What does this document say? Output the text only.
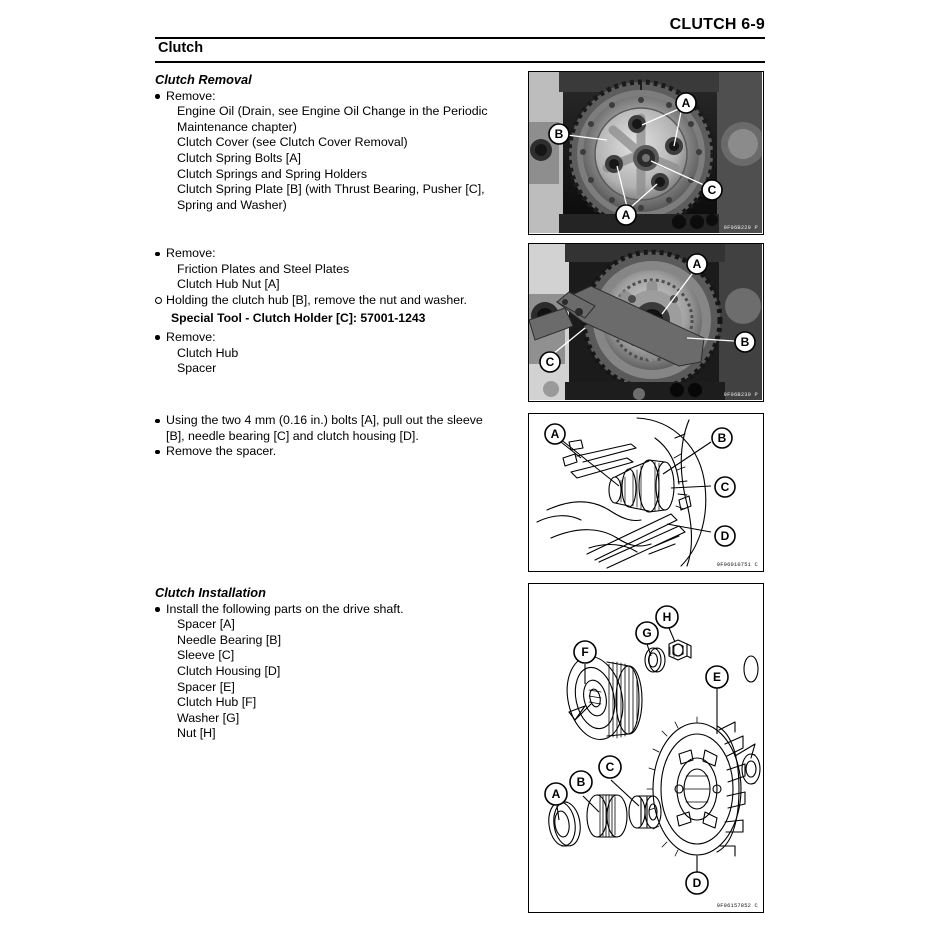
CLUTCH 6-9
Clutch

Clutch Removal

Remove:

Engine Oil (Drain, see Engine Oil Change in the Periodic

Maintenance chapter)

Clutch Cover (see Clutch Cover Removal)

Clutch Spring Bolts [A]

Clutch Springs and Spring Holders

Clutch Spring Plate [B] (with Thrust Bearing, Pusher [C],

Spring and Washer)

Remove:

Friction Plates and Steel Plates

Clutch Hub Nut [A]

Holding the clutch hub [B], remove the nut and washer.

Special Tool - Clutch Holder [C]: 57001-1243

Remove:

Clutch Hub

Spacer

Using the two 4 mm (0.16 in.) bolts [A], pull out the sleeve

[B], needle bearing [C] and clutch housing [D].

Remove the spacer.

Clutch Installation

Install the following parts on the drive shaft.

Spacer [A]

Needle Bearing [B]

Sleeve [C]

Clutch Housing [D]

Spacer [E]

Clutch Hub [F]

Washer [G]

Nut [H]

A
B
C
A
9F06B229 P
A
B
C
9F06B230 P
A	B
C
D
9F06010751 C
F
G
H
E
A
B
C
D
9F06157852 C
